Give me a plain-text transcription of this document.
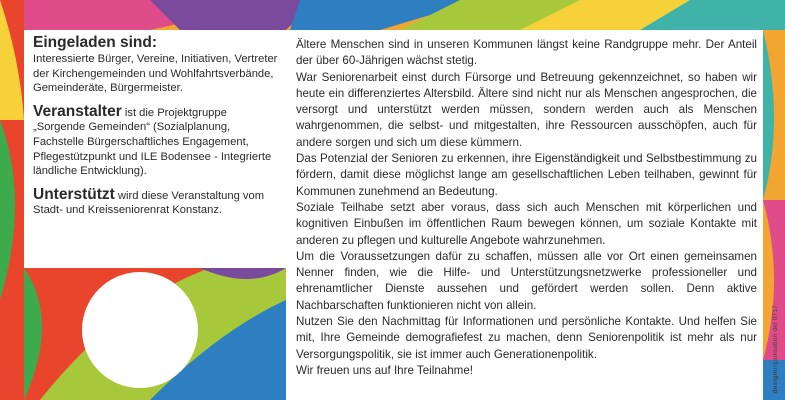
Eingeladen sind:
Interessierte Bürger, Vereine, Initiativen, Vertreter der Kirchengemeinden und Wohlfahrtsverbände, Gemeinderäte, Bürgermeister.

Veranstalter ist die Projektgruppe „Sorgende Gemeinden“ (Sozialplanung, Fachstelle Bürgerschaftliches Engagement, Pflegestützpunkt und ILE Bodensee - Integrierte ländliche Entwicklung).

Unterstützt wird diese Veranstaltung vom Stadt- und Kreisseniorenrat Konstanz.

Ältere Menschen sind in unseren Kommunen längst keine Randgruppe mehr. Der Anteil der über 60-Jährigen wächst stetig.

War Seniorenarbeit einst durch Fürsorge und Betreuung gekennzeichnet, so haben wir heute ein differenziertes Altersbild. Ältere sind nicht nur als Menschen angesprochen, die versorgt und unterstützt werden müssen, sondern werden auch als Menschen wahrgenommen, die selbst- und mitgestalten, ihre Ressourcen ausschöpfen, auch für andere sorgen und sich um diese kümmern.

Das Potenzial der Senioren zu erkennen, ihre Eigenständigkeit und Selbstbestimmung zu fördern, damit diese möglichst lange am gesellschaftlichen Leben teilhaben, gewinnt für Kommunen zunehmend an Bedeutung.

Soziale Teilhabe setzt aber voraus, dass sich auch Menschen mit körperlichen und kognitiven Einbußen im öffentlichen Raum bewegen können, um soziale Kontakte mit anderen zu pflegen und kulturelle Angebote wahrzunehmen.

Um die Voraussetzungen dafür zu schaffen, müssen alle vor Ort einen gemeinsamen Nenner finden, wie die Hilfe- und Unterstützungsnetzwerke professioneller und ehrenamtlicher Dienste aussehen und gefördert werden sollen. Denn aktive Nachbarschaften funktionieren nicht von allein.

Nutzen Sie den Nachmittag für Informationen und persönliche Kontakte. Und helfen Sie mit, Ihre Gemeinde demografiefest zu machen, denn Seniorenpolitik ist mehr als nur Versorgungspolitik, sie ist immer auch Generationenpolitik.

Wir freuen uns auf Ihre Teilnahme!

designorganisation del 0717
